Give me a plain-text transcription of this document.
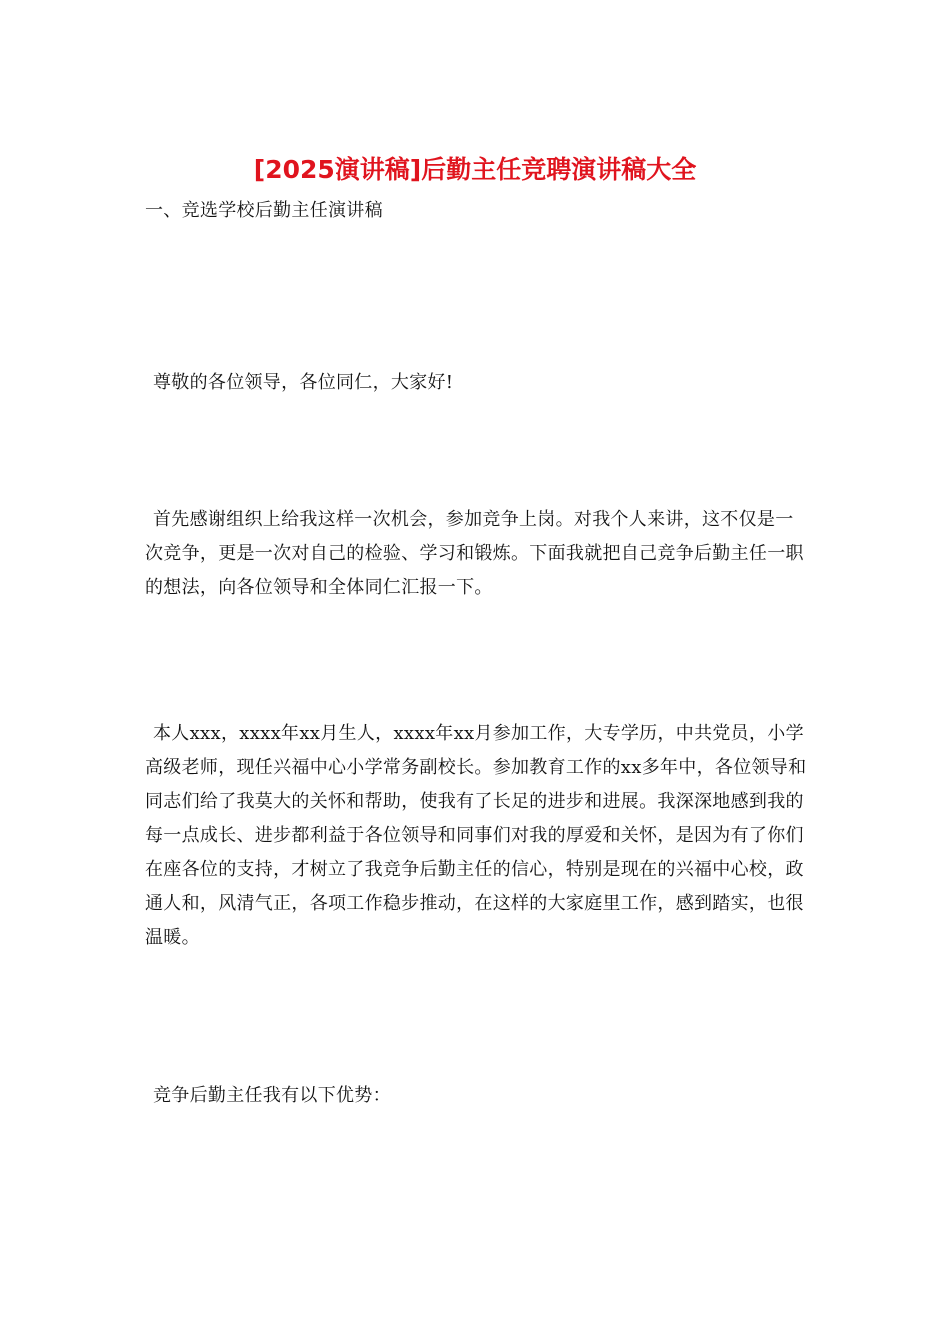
[2025演讲稿]后勤主任竞聘演讲稿大全

一、竞选学校后勤主任演讲稿

尊敬的各位领导，各位同仁，大家好!

首先感谢组织上给我这样一次机会，参加竞争上岗。对我个人来讲，这不仅是一次竞争，更是一次对自己的检验、学习和锻炼。下面我就把自己竞争后勤主任一职的想法，向各位领导和全体同仁汇报一下。

本人xxx，xxxx年xx月生人，xxxx年xx月参加工作，大专学历，中共党员，小学高级老师，现任兴福中心小学常务副校长。参加教育工作的xx多年中，各位领导和同志们给了我莫大的关怀和帮助，使我有了长足的进步和进展。我深深地感到我的每一点成长、进步都利益于各位领导和同事们对我的厚爱和关怀，是因为有了你们 在座各位的支持，才树立了我竞争后勤主任的信心，特别是现在的兴福中心校，政通人和，风清气正，各项工作稳步推动，在这样的大家庭里工作，感到踏实，也很温暖。

竞争后勤主任我有以下优势：
